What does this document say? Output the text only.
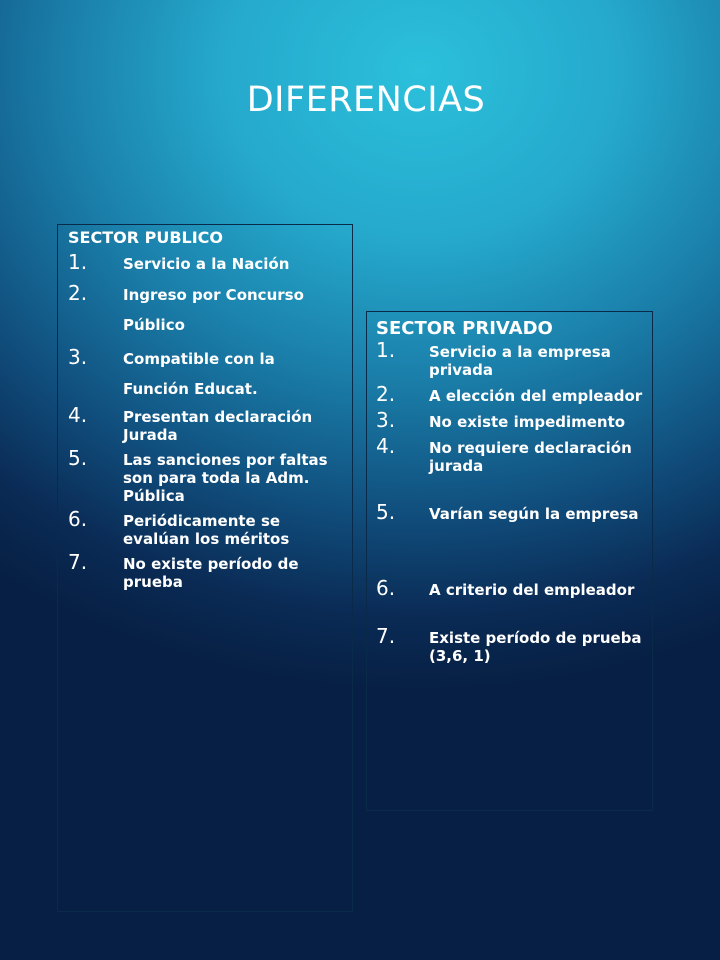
DIFERENCIAS
SECTOR PUBLICO
1. Servicio a la Nación
2. Ingreso por Concurso Público
3. Compatible con la Función Educat.
4. Presentan declaración Jurada
5. Las sanciones por faltas son para toda la Adm. Pública
6. Periódicamente se evalúan los méritos
7. No existe período de prueba
SECTOR PRIVADO
1. Servicio a la empresa privada
2. A elección del empleador
3. No existe impedimento
4. No requiere declaración jurada
5. Varían según la empresa
6. A criterio del empleador
7. Existe período de prueba (3,6, 1)
